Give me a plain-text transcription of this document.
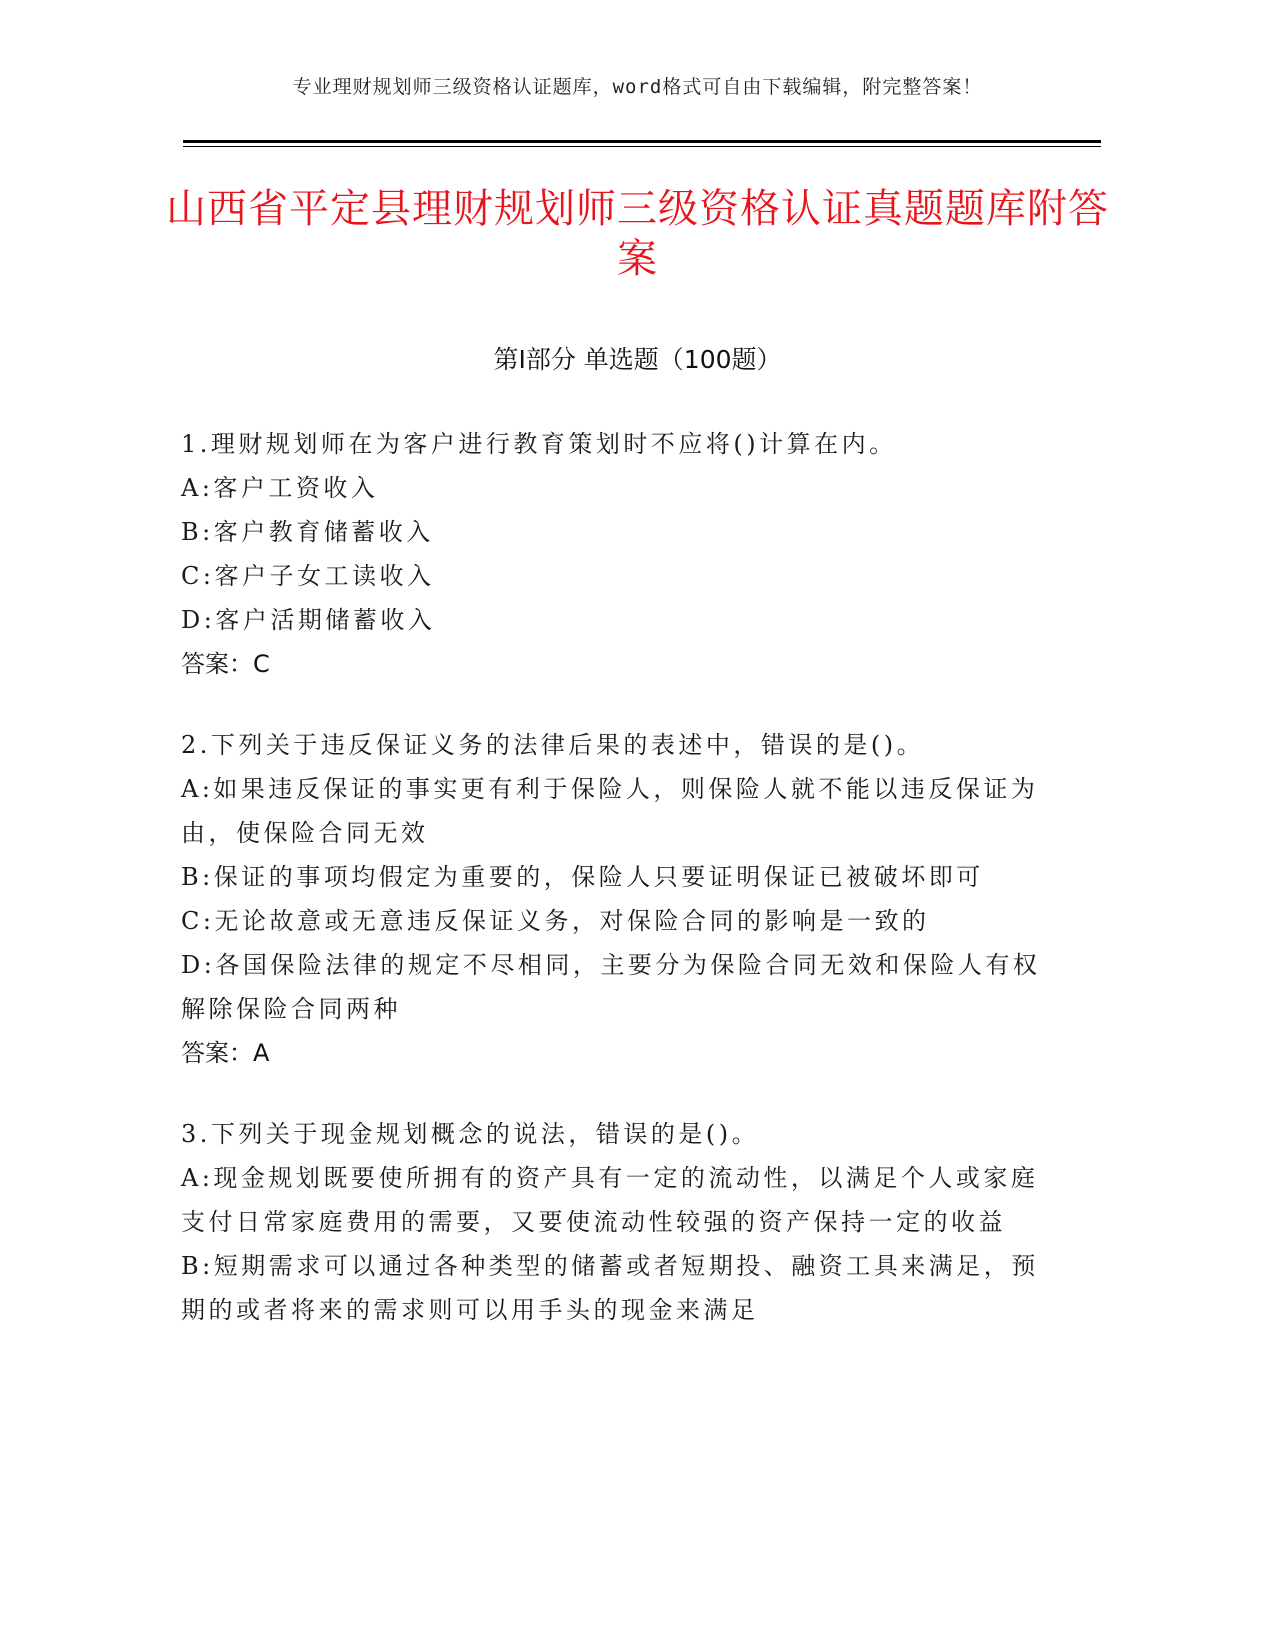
专业理财规划师三级资格认证题库，word格式可自由下载编辑，附完整答案！
山西省平定县理财规划师三级资格认证真题题库附答案
第Ⅰ部分 单选题（100题）
1.理财规划师在为客户进行教育策划时不应将()计算在内。
A:客户工资收入
B:客户教育储蓄收入
C:客户子女工读收入
D:客户活期储蓄收入
答案：C
2.下列关于违反保证义务的法律后果的表述中，错误的是()。
A:如果违反保证的事实更有利于保险人，则保险人就不能以违反保证为由，使保险合同无效
B:保证的事项均假定为重要的，保险人只要证明保证已被破坏即可
C:无论故意或无意违反保证义务，对保险合同的影响是一致的
D:各国保险法律的规定不尽相同，主要分为保险合同无效和保险人有权解除保险合同两种
答案：A
3.下列关于现金规划概念的说法，错误的是()。
A:现金规划既要使所拥有的资产具有一定的流动性，以满足个人或家庭支付日常家庭费用的需要，又要使流动性较强的资产保持一定的收益
B:短期需求可以通过各种类型的储蓄或者短期投、融资工具来满足，预期的或者将来的需求则可以用手头的现金来满足
